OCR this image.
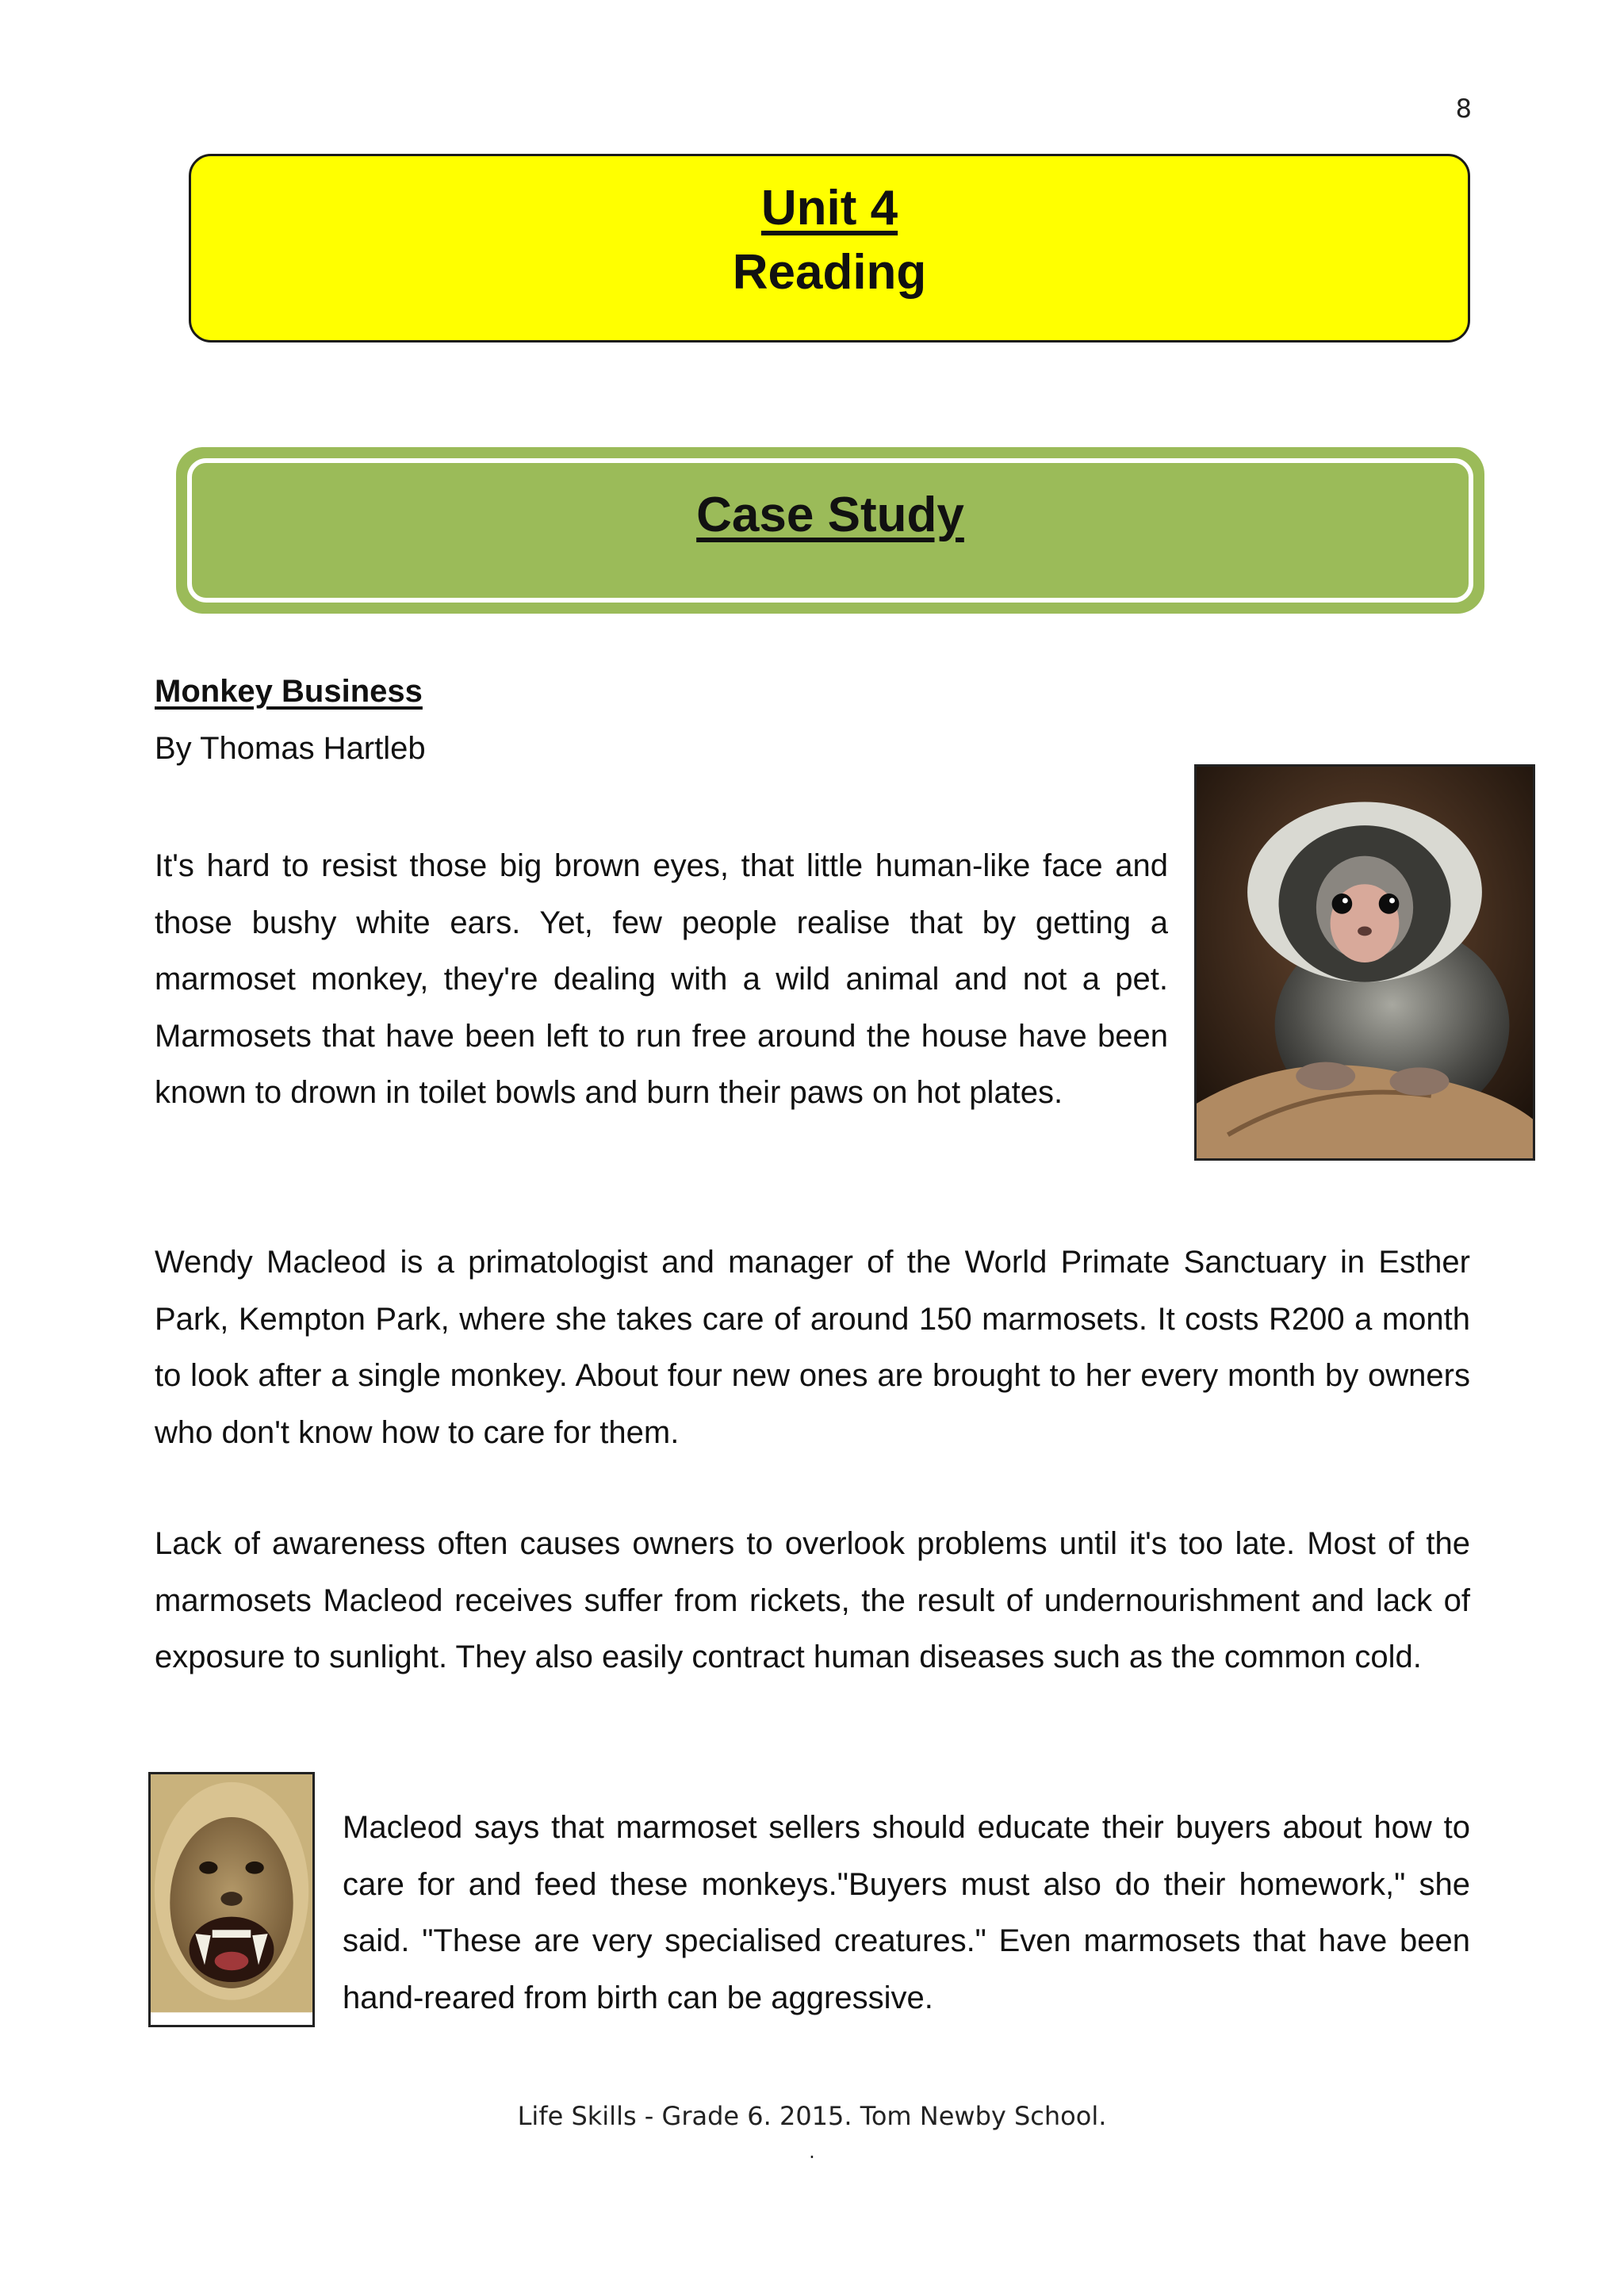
8
Unit 4
Reading
Case Study
Monkey Business
By Thomas Hartleb

It's hard to resist those big brown eyes, that little human-like face and those bushy white ears. Yet, few people realise that by getting a marmoset monkey, they're dealing with a wild animal and not a pet. Marmosets that have been left to run free around the house have been known to drown in toilet bowls and burn their paws on hot plates.

Wendy Macleod is a primatologist and manager of the World Primate Sanctuary in Esther Park, Kempton Park, where she takes care of around 150 marmosets. It costs R200 a month to look after a single monkey. About four new ones are brought to her every month by owners who don't know how to care for them.

Lack of awareness often causes owners to overlook problems until it's too late. Most of the marmosets Macleod receives suffer from rickets, the result of undernourishment and lack of exposure to sunlight. They also easily contract human diseases such as the common cold.

Macleod says that marmoset sellers should educate their buyers about how to care for and feed these monkeys."Buyers must also do their homework," she said. "These are very specialised creatures." Even marmosets that have been hand-reared from birth can be aggressive.

Life Skills - Grade 6. 2015. Tom Newby School.
.
